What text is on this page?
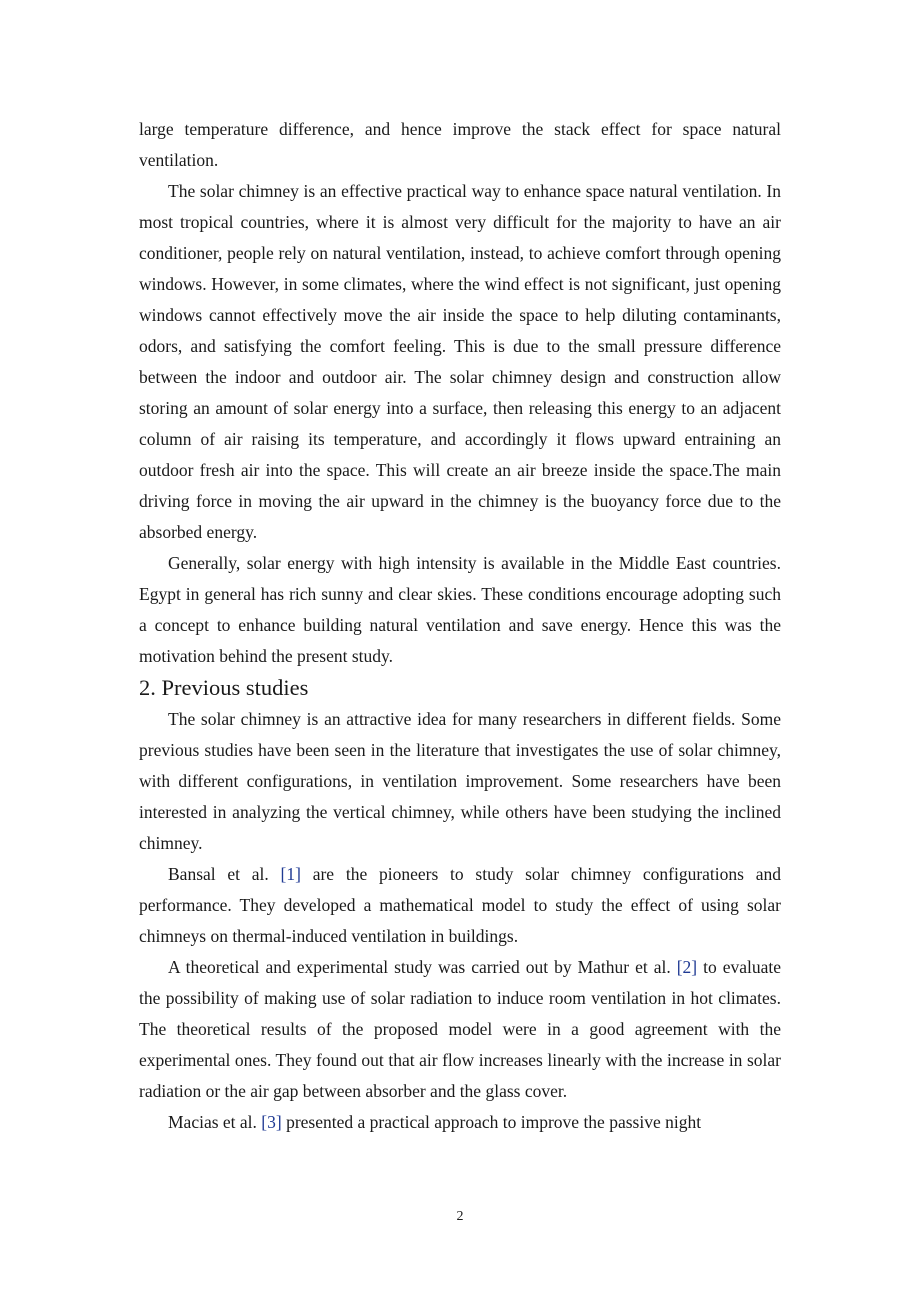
large temperature difference, and hence improve the stack effect for space natural ventilation.

The solar chimney is an effective practical way to enhance space natural ventilation. In most tropical countries, where it is almost very difficult for the majority to have an air conditioner, people rely on natural ventilation, instead, to achieve comfort through opening windows. However, in some climates, where the wind effect is not significant, just opening windows cannot effectively move the air inside the space to help diluting contaminants, odors, and satisfying the comfort feeling. This is due to the small pressure difference between the indoor and outdoor air. The solar chimney design and construction allow storing an amount of solar energy into a surface, then releasing this energy to an adjacent column of air raising its temperature, and accordingly it flows upward entraining an outdoor fresh air into the space. This will create an air breeze inside the space.The main driving force in moving the air upward in the chimney is the buoyancy force due to the absorbed energy.

Generally, solar energy with high intensity is available in the Middle East countries. Egypt in general has rich sunny and clear skies. These conditions encourage adopting such a concept to enhance building natural ventilation and save energy. Hence this was the motivation behind the present study.

2. Previous studies

The solar chimney is an attractive idea for many researchers in different fields. Some previous studies have been seen in the literature that investigates the use of solar chimney, with different configurations, in ventilation improvement. Some researchers have been interested in analyzing the vertical chimney, while others have been studying the inclined chimney.

Bansal et al. [1] are the pioneers to study solar chimney configurations and performance. They developed a mathematical model to study the effect of using solar chimneys on thermal-induced ventilation in buildings.

A theoretical and experimental study was carried out by Mathur et al. [2] to evaluate the possibility of making use of solar radiation to induce room ventilation in hot climates. The theoretical results of the proposed model were in a good agreement with the experimental ones. They found out that air flow increases linearly with the increase in solar radiation or the air gap between absorber and the glass cover.

Macias et al. [3] presented a practical approach to improve the passive night

2
